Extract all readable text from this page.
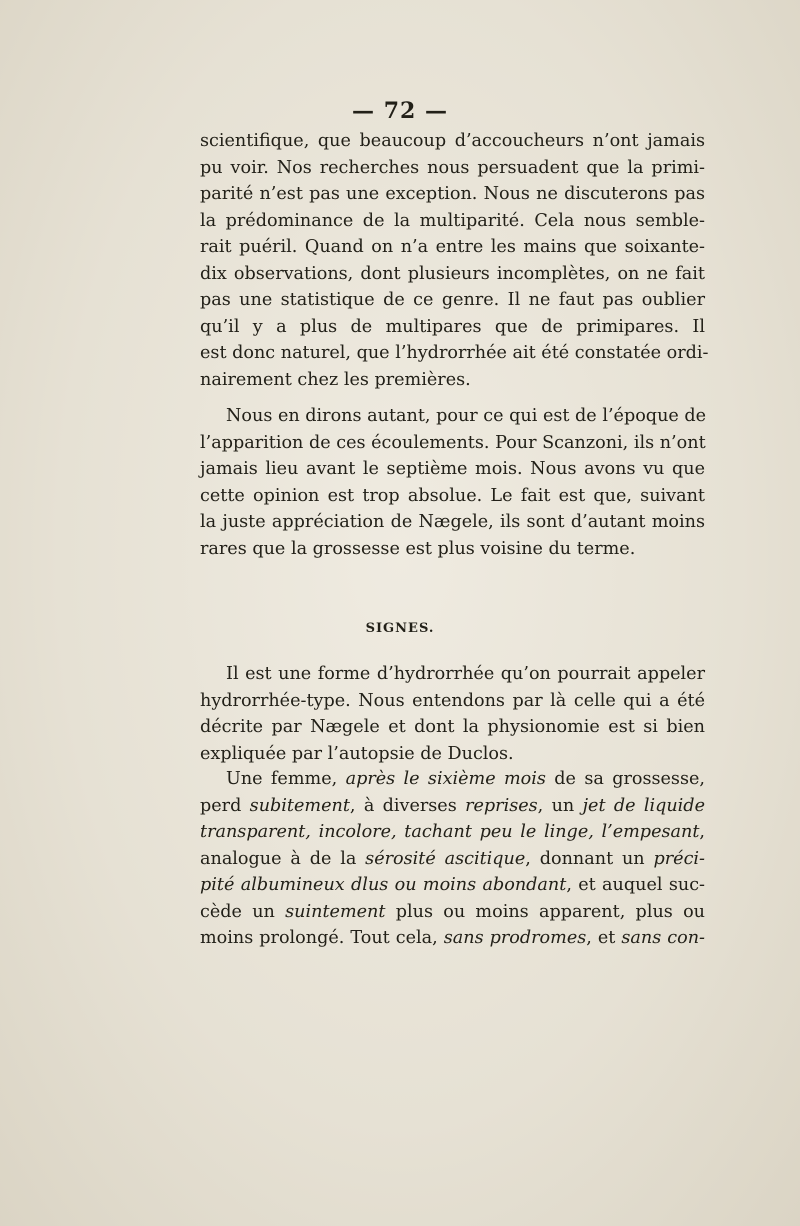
— 72 —

scientifique, que beaucoup d’accoucheurs n’ont jamais
pu voir. Nos recherches nous persuadent que la primi-
parité n’est pas une exception. Nous ne discuterons pas
la prédominance de la multiparité. Cela nous semble-
rait puéril. Quand on n’a entre les mains que soixante-
dix observations, dont plusieurs incomplètes, on ne fait
pas une statistique de ce genre. Il ne faut pas oublier
qu’il y a plus de multipares que de primipares. Il
est donc naturel, que l’hydrorrhée ait été constatée ordi-
nairement chez les premières.

Nous en dirons autant, pour ce qui est de l’époque de
l’apparition de ces écoulements. Pour Scanzoni, ils n’ont
jamais lieu avant le septième mois. Nous avons vu que
cette opinion est trop absolue. Le fait est que, suivant
la juste appréciation de Nægele, ils sont d’autant moins
rares que la grossesse est plus voisine du terme.

SIGNES.

Il est une forme d’hydrorrhée qu’on pourrait appeler
hydrorrhée-type. Nous entendons par là celle qui a été
décrite par Nægele et dont la physionomie est si bien
expliquée par l’autopsie de Duclos.

Une femme, après le sixième mois de sa grossesse,
perd subitement, à diverses reprises, un jet de liquide
transparent, incolore, tachant peu le linge, l’empesant,
analogue à de la sérosité ascitique, donnant un préci-
pité albumineux dlus ou moins abondant, et auquel suc-
cède un suintement plus ou moins apparent, plus ou
moins prolongé. Tout cela, sans prodromes, et sans con-
